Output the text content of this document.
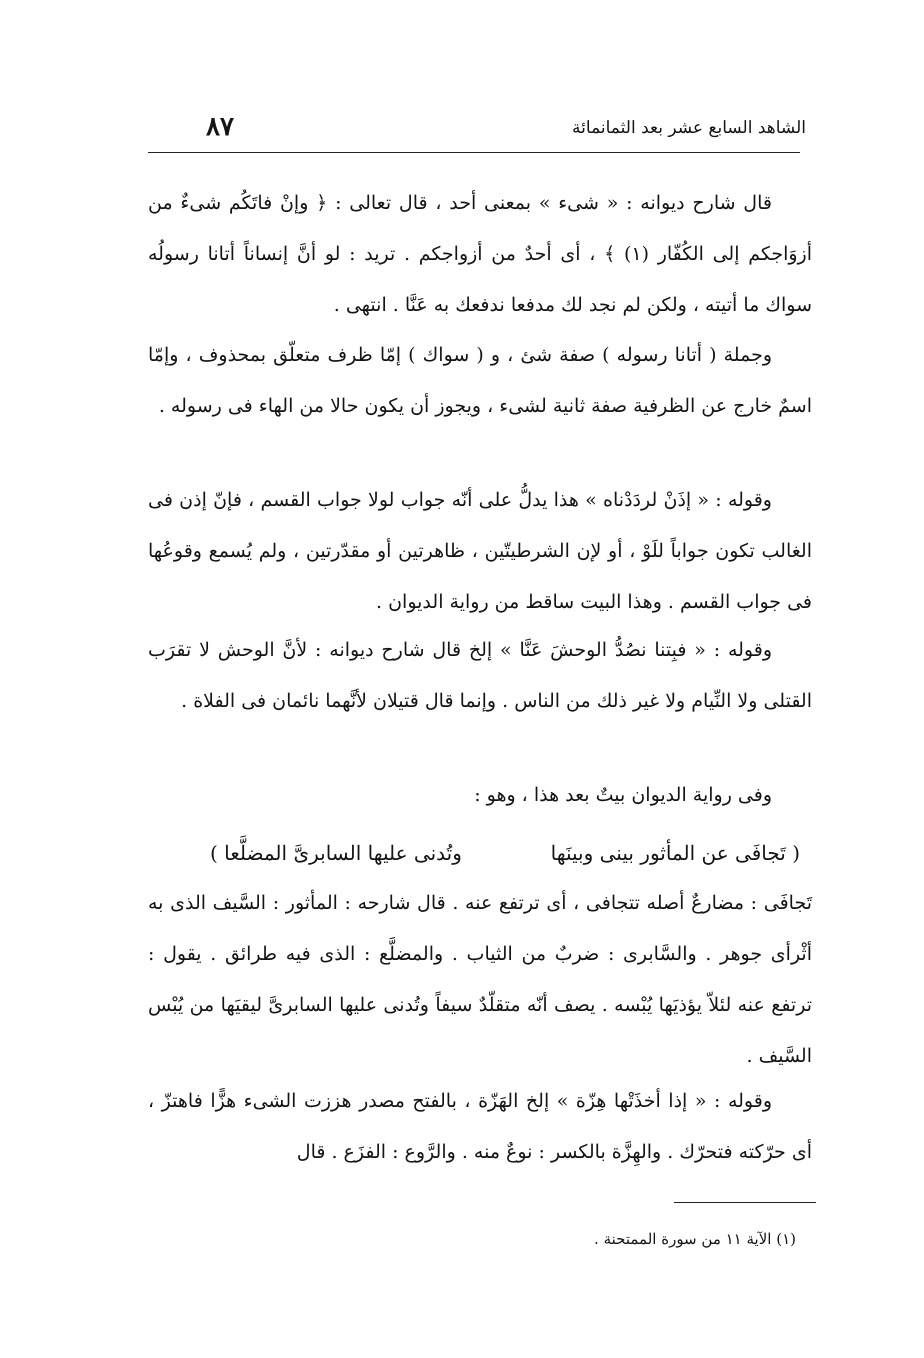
الشاهد السابع عشر بعد الثمانمائة
٨٧

قال شارح ديوانه : « شىء » بمعنى أحد ، قال تعالى : ﴿ وإنْ فاتَكُم شىءٌ من أزوَاجكم إلى الكُفّار (١) ﴾ ، أى أحدٌ من أزواجكم . تريد : لو أنَّ إنساناً أتانا رسولُه سواك ما أتيته ، ولكن لم نجد لك مدفعا ندفعك به عَنَّا . انتهى .

وجملة ( أتانا رسوله ) صفة شئ ، و ( سواك ) إمّا ظرف متعلّق بمحذوف ، وإمّا اسمٌ خارج عن الظرفية صفة ثانية لشىء ، ويجوز أن يكون حالا من الهاء فى رسوله .

وقوله : « إذَنْ لردَدْناه » هذا يدلُّ على أنّه جواب لولا جواب القسم ، فإنّ إذن فى الغالب تكون جواباً للَوْ ، أو لإن الشرطيتّين ، ظاهرتين أو مقدّرتين ، ولم يُسمع وقوعُها فى جواب القسم . وهذا البيت ساقط من رواية الديوان .

وقوله : « فبِتنا نصُدُّ الوحشَ عَنَّا » إلخ قال شارح ديوانه : لأنَّ الوحش لا تقرَب القتلى ولا النِّيام ولا غير ذلك من الناس . وإنما قال قتيلان لأنَّهما نائمان فى الفلاة .

وفى رواية الديوان بيتٌ بعد هذا ، وهو :
( تَجافَى عن المأثور بينى وبينَها
وتُدنى عليها السابرىَّ المضلَّعا )

تَجافَى : مضارعٌ أصله تتجافى ، أى ترتفع عنه . قال شارحه : المأثور : السَّيف الذى به أثْرأى جوهر . والسَّابرى : ضربٌ من الثياب . والمضلَّع : الذى فيه طرائق . يقول : ترتفع عنه لئلاّ يؤذيَها يُبْسه . يصف أنّه متقلّدٌ سيفاً وتُدنى عليها السابرىَّ ليقيَها من يُبْس السَّيف .

وقوله : « إذا أخذَتْها هِزّة » إلخ الهَزّة ، بالفتح مصدر هززت الشىء هزًّا فاهتزّ ، أى حرّكته فتحرّك . والهِزَّة بالكسر : نوعٌ منه . والرَّوع : الفزَع . قال

(١) الآية ١١ من سورة الممتحنة .
